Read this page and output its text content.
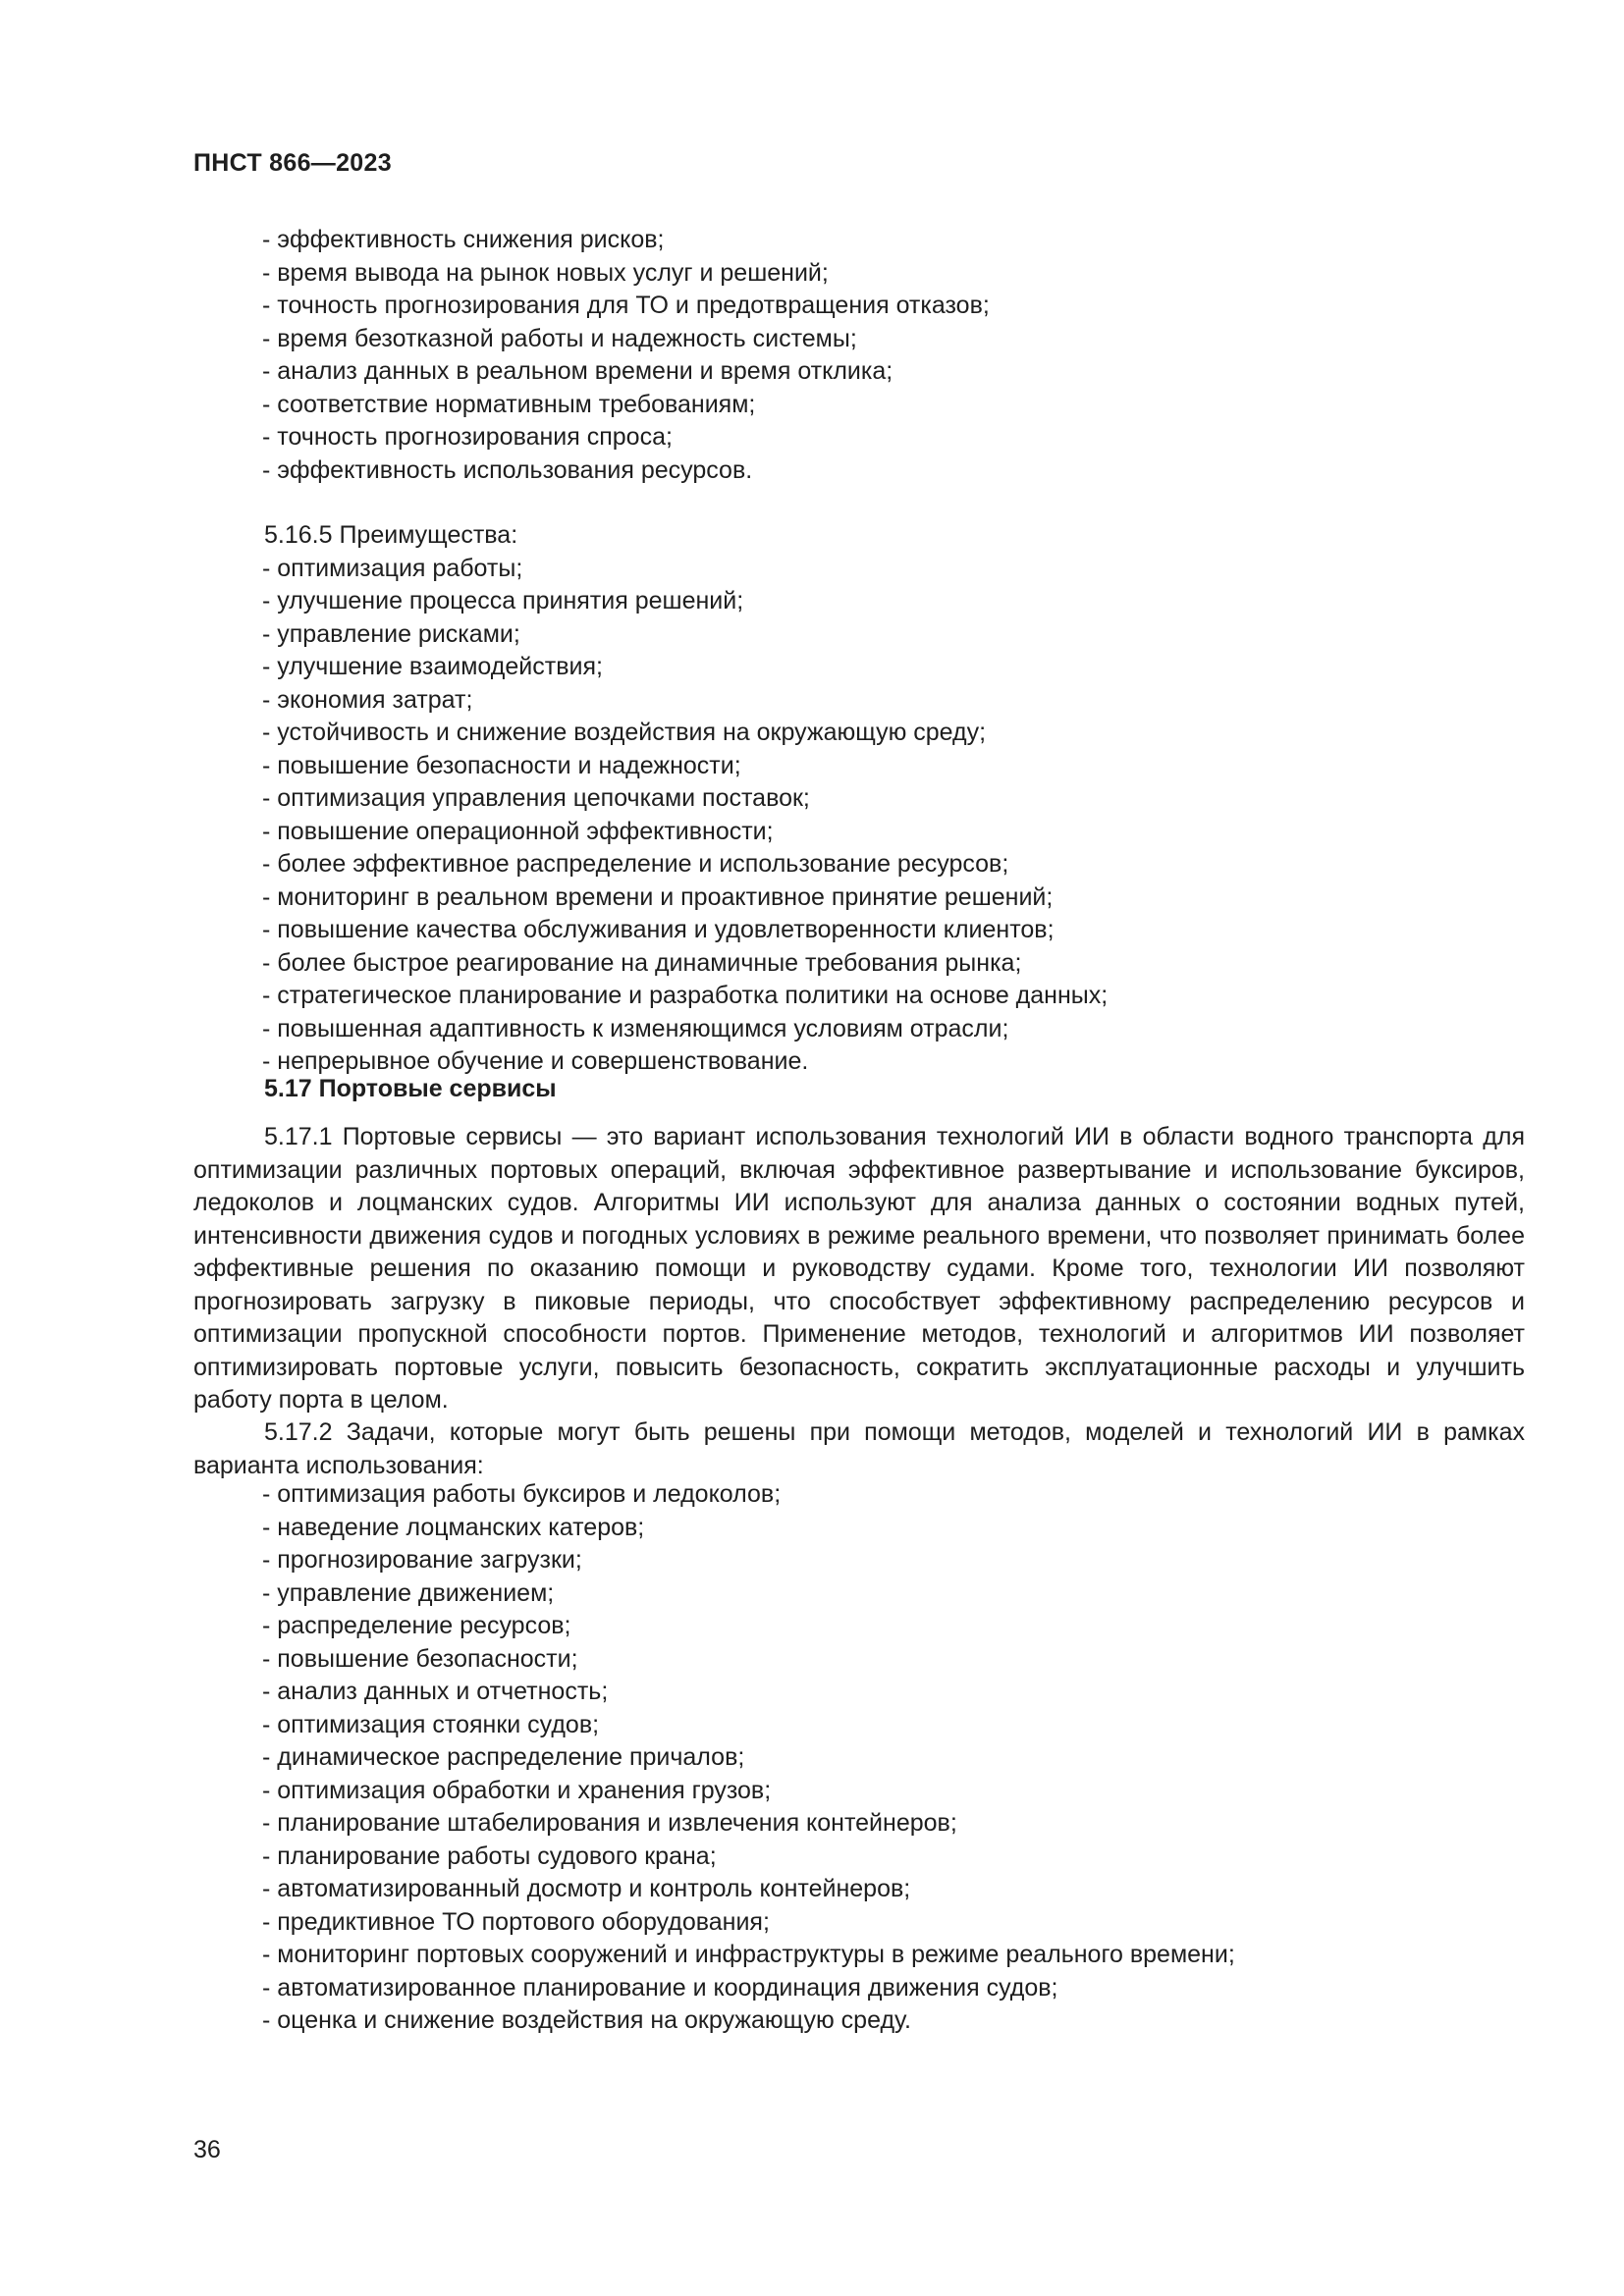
ПНСТ 866—2023
- эффективность снижения рисков;
- время вывода на рынок новых услуг и решений;
- точность прогнозирования для ТО и предотвращения отказов;
- время безотказной работы и надежность системы;
- анализ данных в реальном времени и время отклика;
- соответствие нормативным требованиям;
- точность прогнозирования спроса;
- эффективность использования ресурсов.
5.16.5 Преимущества:
- оптимизация работы;
- улучшение процесса принятия решений;
- управление рисками;
- улучшение взаимодействия;
- экономия затрат;
- устойчивость и снижение воздействия на окружающую среду;
- повышение безопасности и надежности;
- оптимизация управления цепочками поставок;
- повышение операционной эффективности;
- более эффективное распределение и использование ресурсов;
- мониторинг в реальном времени и проактивное принятие решений;
- повышение качества обслуживания и удовлетворенности клиентов;
- более быстрое реагирование на динамичные требования рынка;
- стратегическое планирование и разработка политики на основе данных;
- повышенная адаптивность к изменяющимся условиям отрасли;
- непрерывное обучение и совершенствование.
5.17 Портовые сервисы

5.17.1 Портовые сервисы — это вариант использования технологий ИИ в области водного транспорта для оптимизации различных портовых операций, включая эффективное развертывание и использование буксиров, ледоколов и лоцманских судов. Алгоритмы ИИ используют для анализа данных о состоянии водных путей, интенсивности движения судов и погодных условиях в режиме реального времени, что позволяет принимать более эффективные решения по оказанию помощи и руководству судами. Кроме того, технологии ИИ позволяют прогнозировать загрузку в пиковые периоды, что способствует эффективному распределению ресурсов и оптимизации пропускной способности портов. Применение методов, технологий и алгоритмов ИИ позволяет оптимизировать портовые услуги, повысить безопасность, сократить эксплуатационные расходы и улучшить работу порта в целом.

5.17.2 Задачи, которые могут быть решены при помощи методов, моделей и технологий ИИ в рамках варианта использования:

- оптимизация работы буксиров и ледоколов;
- наведение лоцманских катеров;
- прогнозирование загрузки;
- управление движением;
- распределение ресурсов;
- повышение безопасности;
- анализ данных и отчетность;
- оптимизация стоянки судов;
- динамическое распределение причалов;
- оптимизация обработки и хранения грузов;
- планирование штабелирования и извлечения контейнеров;
- планирование работы судового крана;
- автоматизированный досмотр и контроль контейнеров;
- предиктивное ТО портового оборудования;
- мониторинг портовых сооружений и инфраструктуры в режиме реального времени;
- автоматизированное планирование и координация движения судов;
- оценка и снижение воздействия на окружающую среду.
36
